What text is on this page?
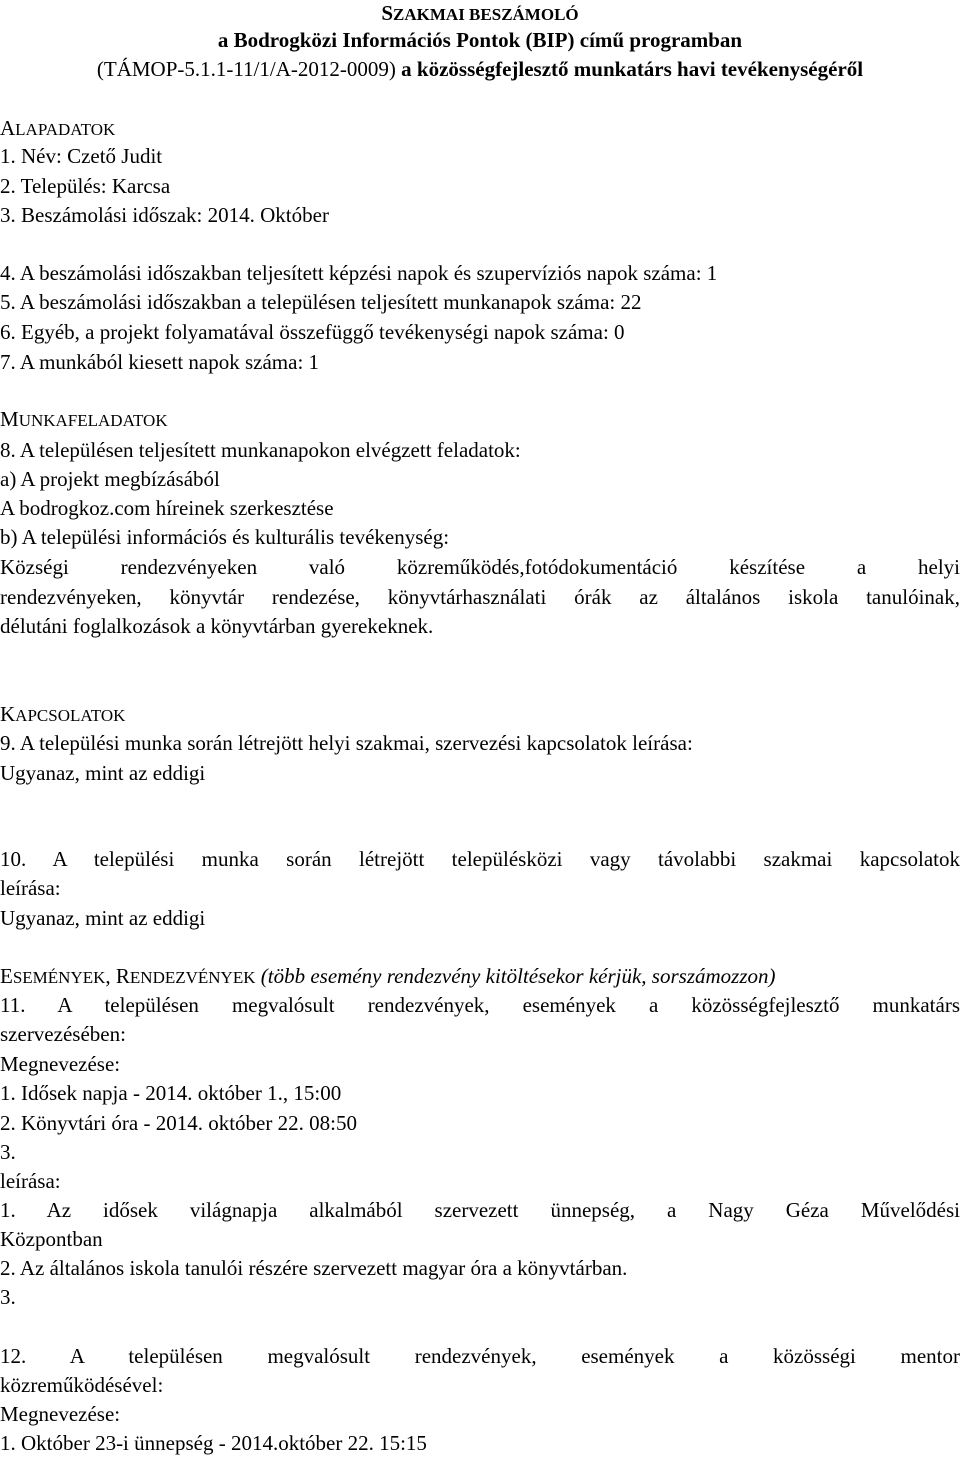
SZAKMAI BESZÁMOLÓ
a Bodrogközi Információs Pontok (BIP) című programban
(TÁMOP-5.1.1-11/1/A-2012-0009) a közösségfejlesztő munkatárs havi tevékenységéről
ALAPADATOK
1. Név: Czető Judit
2. Település: Karcsa
3. Beszámolási időszak: 2014. Október
4. A beszámolási időszakban teljesített képzési napok és szupervíziós napok száma: 1
5. A beszámolási időszakban a településen teljesített munkanapok száma: 22
6. Egyéb, a projekt folyamatával összefüggő tevékenységi napok száma: 0
7. A munkából kiesett napok száma: 1
MUNKAFELADATOK
8. A településen teljesített munkanapokon elvégzett feladatok:
a) A projekt megbízásából
A bodrogkoz.com híreinek szerkesztése
b) A települési információs és kulturális tevékenység:
Községi rendezvényeken való közreműködés,fotódokumentáció készítése a helyi
rendezvényeken, könyvtár rendezése, könyvtárhasználati órák az általános iskola tanulóinak,
délutáni foglalkozások a könyvtárban gyerekeknek.
KAPCSOLATOK
9. A települési munka során létrejött helyi szakmai, szervezési kapcsolatok leírása:
Ugyanaz, mint az eddigi
10. A települési munka során létrejött településközi vagy távolabbi szakmai kapcsolatok
leírása:
Ugyanaz, mint az eddigi
ESEMÉNYEK, RENDEZVÉNYEK (több esemény rendezvény kitöltésekor kérjük, sorszámozzon)
11. A településen megvalósult rendezvények, események a közösségfejlesztő munkatárs
szervezésében:
Megnevezése:
1. Idősek napja - 2014. október 1., 15:00
2. Könyvtári óra - 2014. október 22. 08:50
3.
leírása:
1. Az idősek világnapja alkalmából szervezett ünnepség, a Nagy Géza Művelődési
Központban
2. Az általános iskola tanulói részére szervezett magyar óra a könyvtárban.
3.
12. A településen megvalósult rendezvények, események a közösségi mentor
közreműködésével:
Megnevezése:
1. Október 23-i ünnepség - 2014.október 22. 15:15
